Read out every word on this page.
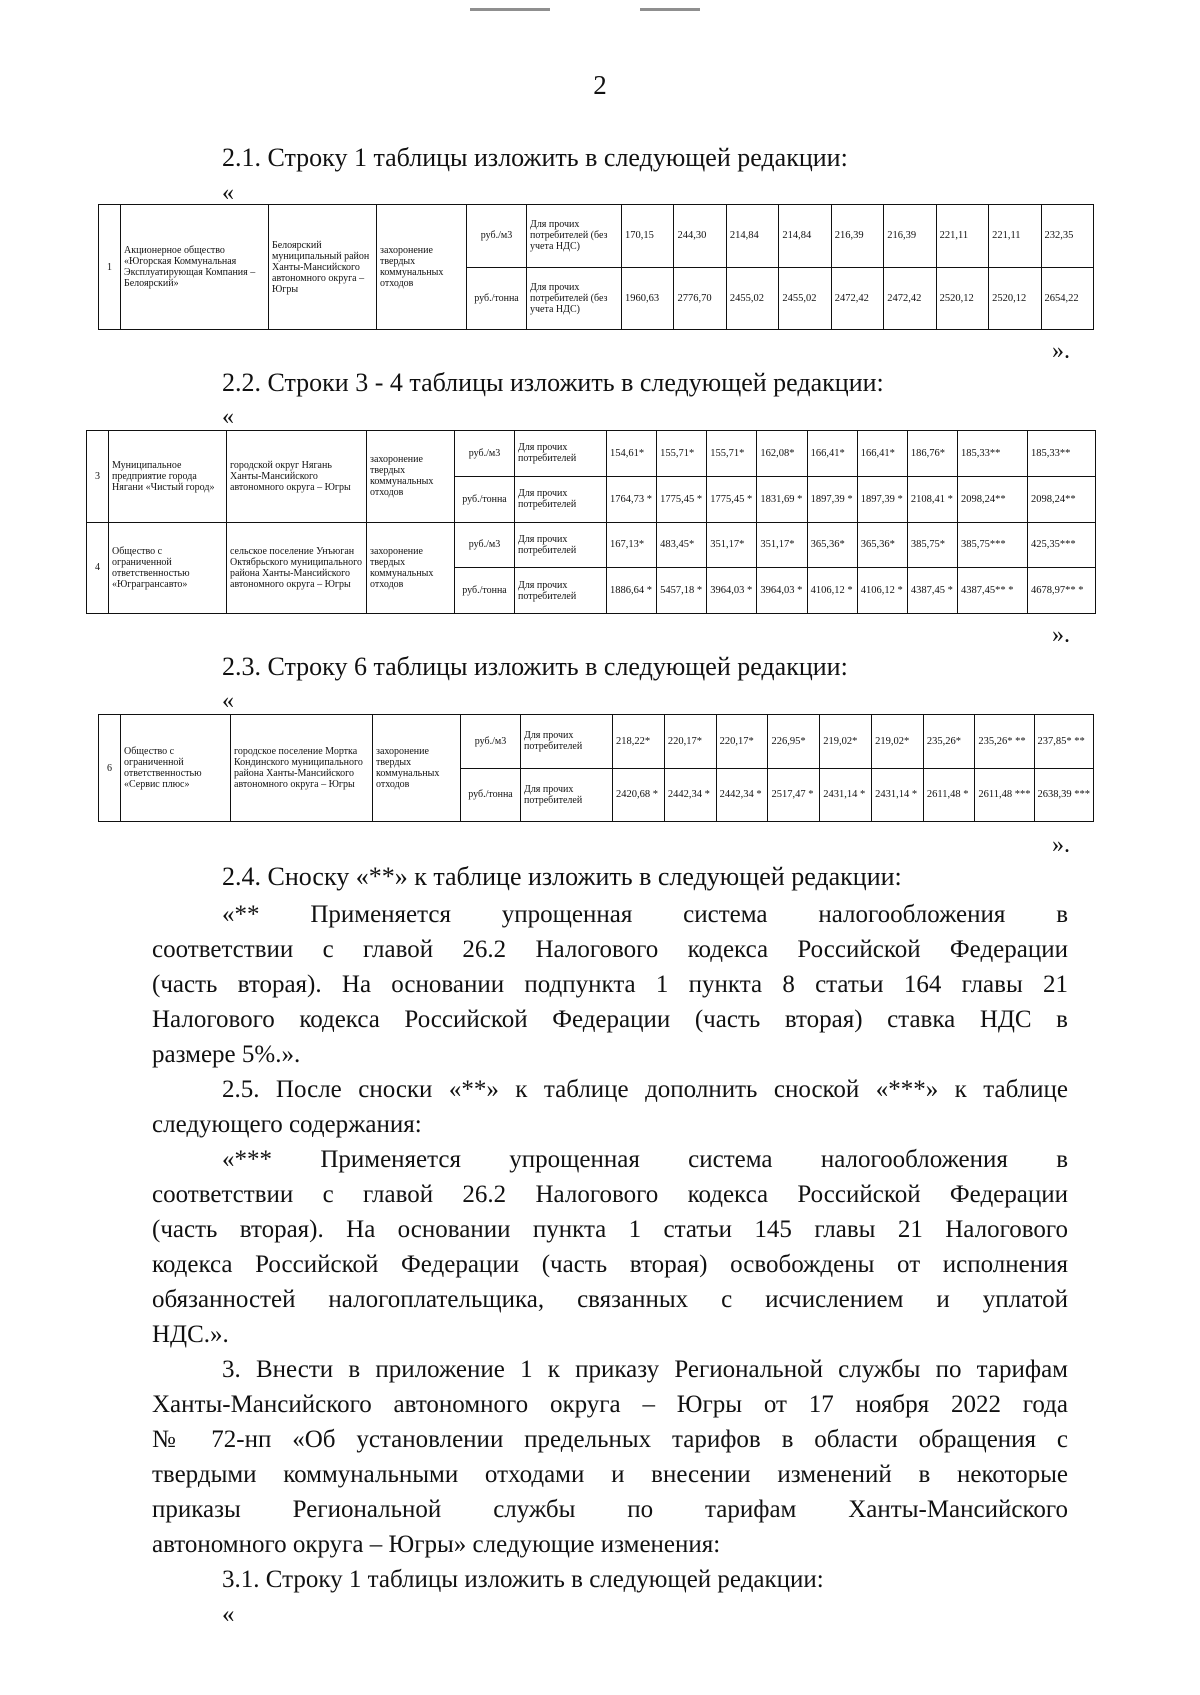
2
2.1. Строку 1 таблицы изложить в следующей редакции:
«
1	Акционерное общество «Югорская Коммунальная Эксплуатирующая Компания – Белоярский»	Белоярский муниципальный район Ханты-Мансийского автономного округа – Югры	захоронение твердых коммунальных отходов	руб./м3	Для прочих потребителей (без учета НДС)	170,15	244,30	214,84	214,84	216,39	216,39	221,11	221,11	232,35
				руб./тонна	Для прочих потребителей (без учета НДС)	1960,63	2776,70	2455,02	2455,02	2472,42	2472,42	2520,12	2520,12	2654,22
».
2.2. Строки 3 - 4 таблицы изложить в следующей редакции:
«
3	Муниципальное предприятие города Нягани «Чистый город»	городской округ Нягань Ханты-Мансийского автономного округа – Югры	захоронение твердых коммунальных отходов	руб./м3	Для прочих потребителей	154,61*	155,71*	155,71*	162,08*	166,41*	166,41*	186,76*	185,33**	185,33**
				руб./тонна	Для прочих потребителей	1764,73 *	1775,45 *	1775,45 *	1831,69 *	1897,39 *	1897,39 *	2108,41 *	2098,24**	2098,24**
4	Общество с ограниченной ответственностью «Юграгрансавто»	сельское поселение Унъюган Октябрьского муниципального района Ханты-Мансийского автономного округа – Югры	захоронение твердых коммунальных отходов	руб./м3	Для прочих потребителей	167,13*	483,45*	351,17*	351,17*	365,36*	365,36*	385,75*	385,75***	425,35***
				руб./тонна	Для прочих потребителей	1886,64 *	5457,18 *	3964,03 *	3964,03 *	4106,12 *	4106,12 *	4387,45 *	4387,45** *	4678,97** *
».
2.3. Строку 6 таблицы изложить в следующей редакции:
«
6	Общество с ограниченной ответственностью «Сервис плюс»	городское поселение Мортка Кондинского муниципального района Ханты-Мансийского автономного округа – Югры	захоронение твердых коммунальных отходов	руб./м3	Для прочих потребителей	218,22*	220,17*	220,17*	226,95*	219,02*	219,02*	235,26*	235,26* **	237,85* **
				руб./тонна	Для прочих потребителей	2420,68 *	2442,34 *	2442,34 *	2517,47 *	2431,14 *	2431,14 *	2611,48 *	2611,48 ***	2638,39 ***
».
2.4. Сноску «**» к таблице изложить в следующей редакции:
«** Применяется упрощенная система налогообложения в
соответствии с главой 26.2 Налогового кодекса Российской Федерации
(часть вторая). На основании подпункта 1 пункта 8 статьи 164 главы 21
Налогового кодекса Российской Федерации (часть вторая) ставка НДС в
размере 5%.».
2.5. После сноски «**» к таблице дополнить сноской «***» к таблице
следующего содержания:
«*** Применяется упрощенная система налогообложения в
соответствии с главой 26.2 Налогового кодекса Российской Федерации
(часть вторая). На основании пункта 1 статьи 145 главы 21 Налогового
кодекса Российской Федерации (часть вторая) освобождены от исполнения
обязанностей налогоплательщика, связанных с исчислением и уплатой
НДС.».
3. Внести в приложение 1 к приказу Региональной службы по тарифам
Ханты-Мансийского автономного округа – Югры от 17 ноября 2022 года
№ 72-нп «Об установлении предельных тарифов в области обращения с
твердыми коммунальными отходами и внесении изменений в некоторые
приказы Региональной службы по тарифам Ханты-Мансийского
автономного округа – Югры» следующие изменения:
3.1. Строку 1 таблицы изложить в следующей редакции:
«
